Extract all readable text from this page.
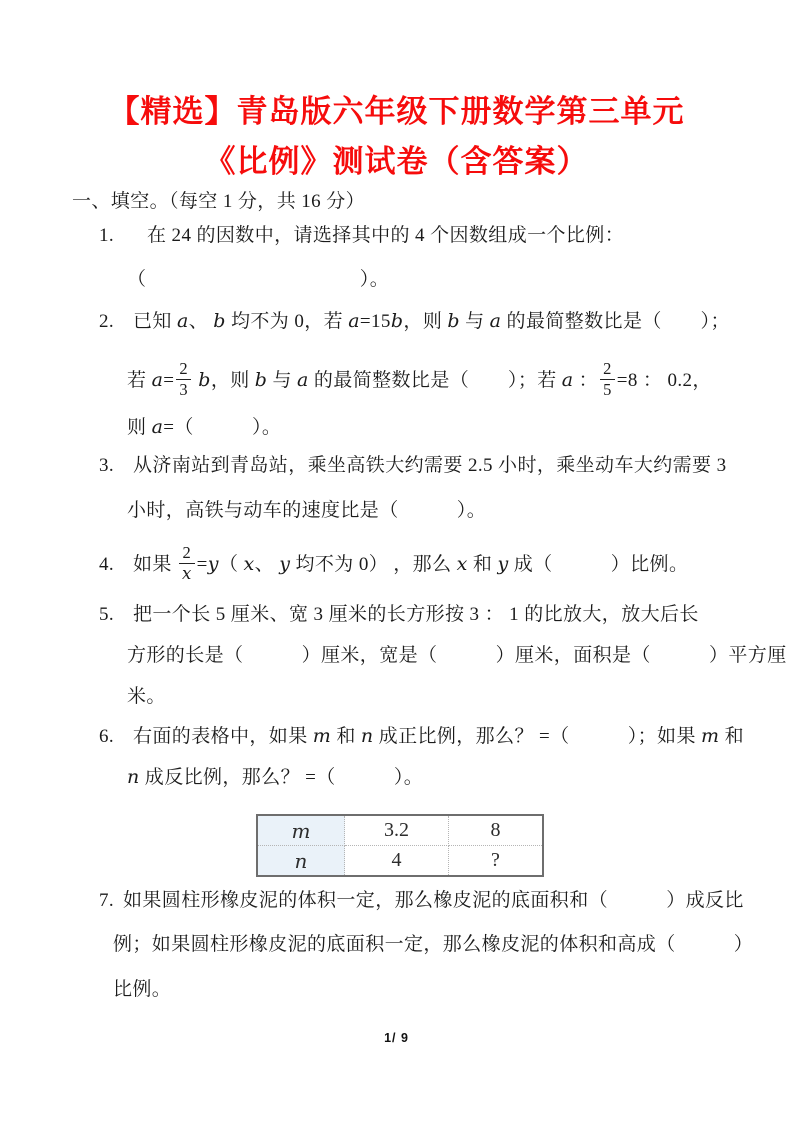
【精选】青岛版六年级下册数学第三单元
《比例》测试卷（含答案）
一、填空。（每空 1 分，共 16 分）
1. 在 24 的因数中，请选择其中的 4 个因数组成一个比例：
（　　　　　　　　　　　）。
2. 已知 a、 b 均不为 0，若 a=15b，则 b 与 a 的最简整数比是（　　）；
若 $a= \frac{2}{3}$ b，则 b 与 a 的最简整数比是（　　）；若 a ： $\frac{2}{5} =8$ ： 0.2，
则 a=（　　　）。
3. 从济南站到青岛站，乘坐高铁大约需要 2.5 小时，乘坐动车大约需要 3
小时，高铁与动车的速度比是（　　　）。
4. 如果 $\frac{2}{x} =y$（ x、 y 均不为 0） ，那么 x 和 y 成（　　　）比例。
5. 把一个长 5 厘米、宽 3 厘米的长方形按 3 ： 1 的比放大，放大后长
方形的长是（　　　）厘米，宽是（　　　）厘米，面积是（　　　）平方厘
米。
6. 右面的表格中，如果 m 和 n 成正比例，那么？ =（　　　）；如果 m 和
n 成反比例，那么？ =（　　　）。
m	3.2	8
n	4	?
7. 如果圆柱形橡皮泥的体积一定，那么橡皮泥的底面积和（　　　）成反比
例；如果圆柱形橡皮泥的底面积一定，那么橡皮泥的体积和高成（　　　）
比例。
1/ 9
